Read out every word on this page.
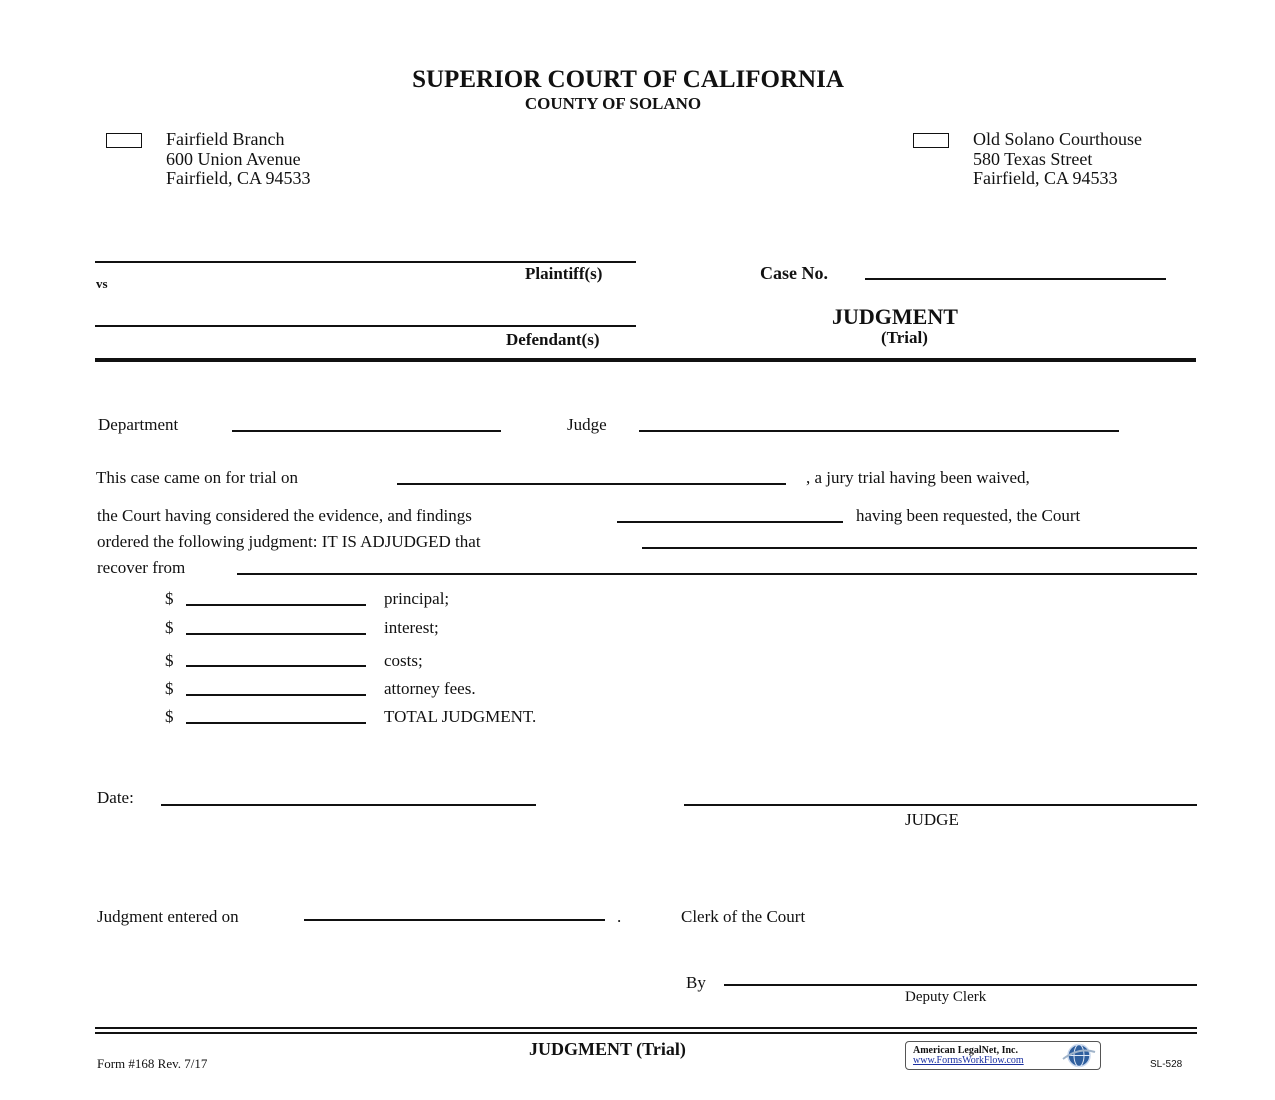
SUPERIOR COURT OF CALIFORNIA
COUNTY OF SOLANO
Fairfield Branch
600 Union Avenue
Fairfield, CA 94533
Old Solano Courthouse
580 Texas Street
Fairfield, CA 94533
Plaintiff(s)
vs
Defendant(s)
Case No.
JUDGMENT
(Trial)
Department	Judge
This case came on for trial on	, a jury trial having been waived,
the Court having considered the evidence, and findings	having been requested, the Court
ordered the following judgment: IT IS ADJUDGED that
recover from
$	principal;
$	interest;
$	costs;
$	attorney fees.
$	TOTAL JUDGMENT.
Date:
JUDGE
Judgment entered on	.	Clerk of the Court
By
Deputy Clerk
Form #168 Rev. 7/17
JUDGMENT (Trial)	American LegalNet, Inc.
www.FormsWorkFlow.com	SL-528
